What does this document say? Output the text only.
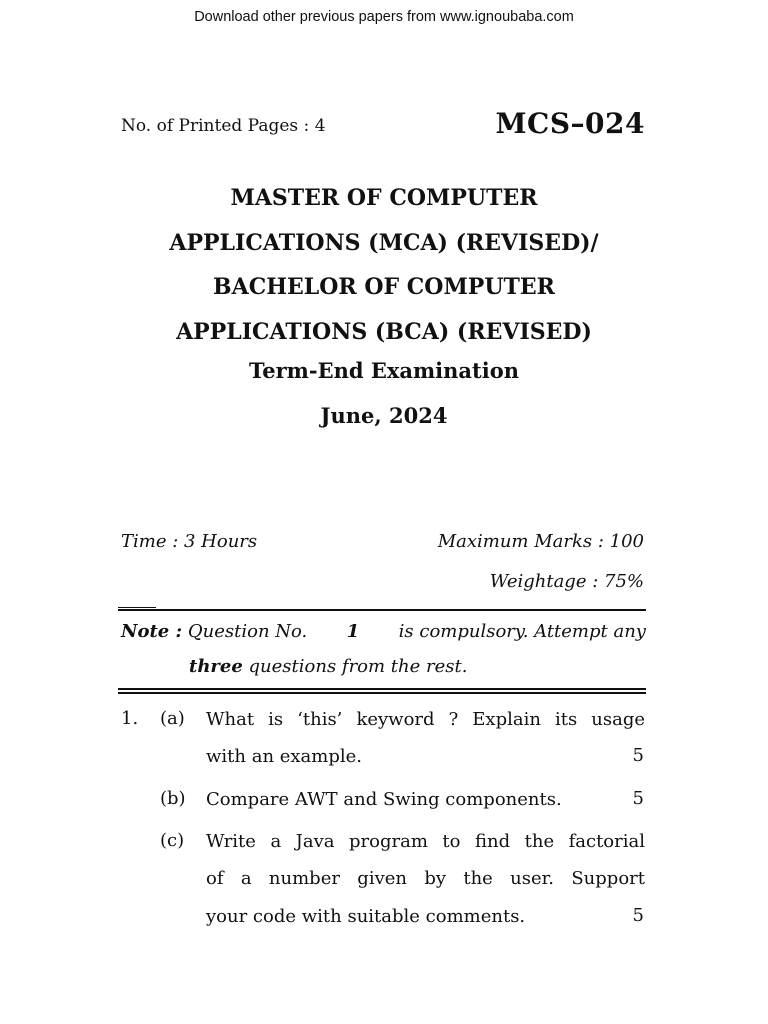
Download other previous papers from www.ignoubaba.com
No. of Printed Pages : 4	MCS–024
MASTER OF COMPUTER
APPLICATIONS (MCA) (REVISED)/
BACHELOR OF COMPUTER
APPLICATIONS (BCA) (REVISED)
Term-End Examination
June, 2024
Time : 3 Hours	Maximum Marks : 100
Weightage : 75%
Note : Question No. 1 is compulsory. Attempt any
three questions from the rest.
1. (a) What is ‘this’ keyword ? Explain its usage
with an example.	5
(b) Compare AWT and Swing components.	5
(c) Write a Java program to find the factorial
of a number given by the user. Support
your code with suitable comments.	5
